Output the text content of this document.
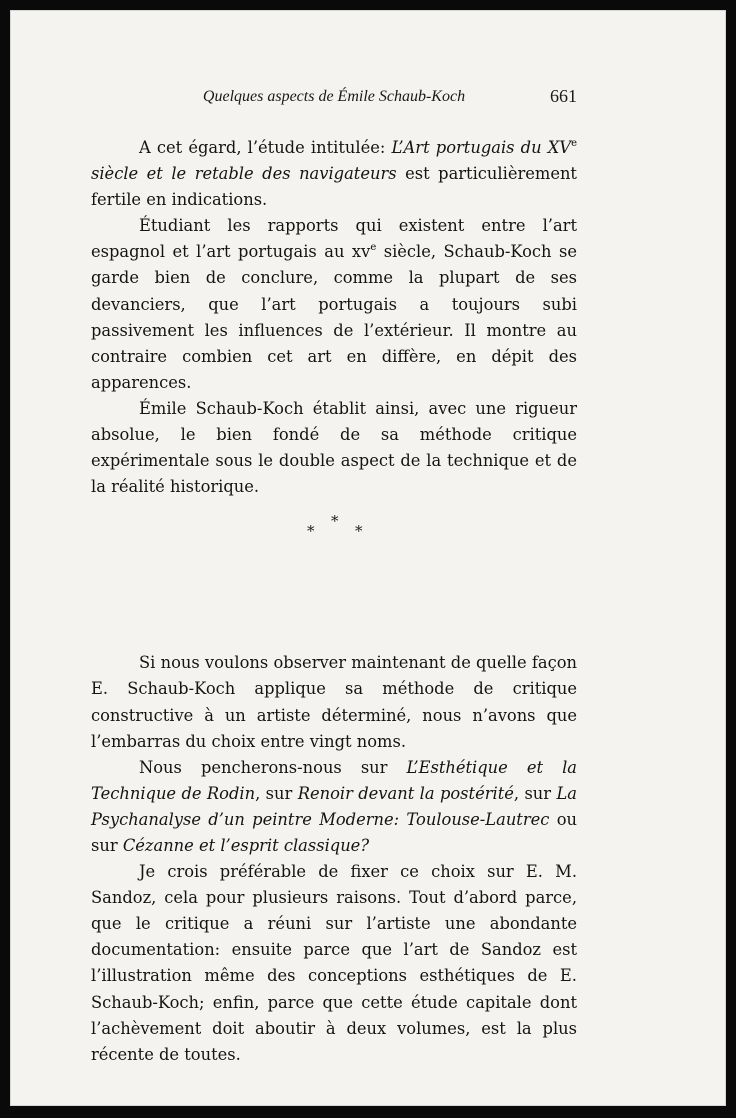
Quelques aspects de Émile Schaub-Koch	661

A cet égard, l’étude intitulée: L’Art portugais du XVe siècle et le retable des navigateurs est particulièrement fertile en indications.

Étudiant les rapports qui existent entre l’art espagnol et l’art portugais au $xv^e$ siècle, Schaub-Koch se garde bien de conclure, comme la plupart de ses devanciers, que l’art portugais a toujours subi passivement les influences de l’extérieur. Il montre au contraire combien cet art en diffère, en dépit des apparences.

Émile Schaub-Koch établit ainsi, avec une rigueur absolue, le bien fondé de sa méthode critique expérimentale sous le double aspect de la technique et de la réalité historique.

*
*	*

Si nous voulons observer maintenant de quelle façon E. Schaub-Koch applique sa méthode de critique constructive à un artiste déterminé, nous n’avons que l’embarras du choix entre vingt noms.

Nous pencherons-nous sur L’Esthétique et la Technique de Rodin, sur Renoir devant la postérité, sur La Psychanalyse d’un peintre Moderne: Toulouse-Lautrec ou sur Cézanne et l’esprit classique?

Je crois préférable de fixer ce choix sur E. M. Sandoz, cela pour plusieurs raisons. Tout d’abord parce, que le critique a réuni sur l’artiste une abondante documentation: ensuite parce que l’art de Sandoz est l’illustration même des conceptions esthétiques de E. Schaub-Koch; enfin, parce que cette étude capitale dont l’achèvement doit aboutir à deux volumes, est la plus récente de toutes.
